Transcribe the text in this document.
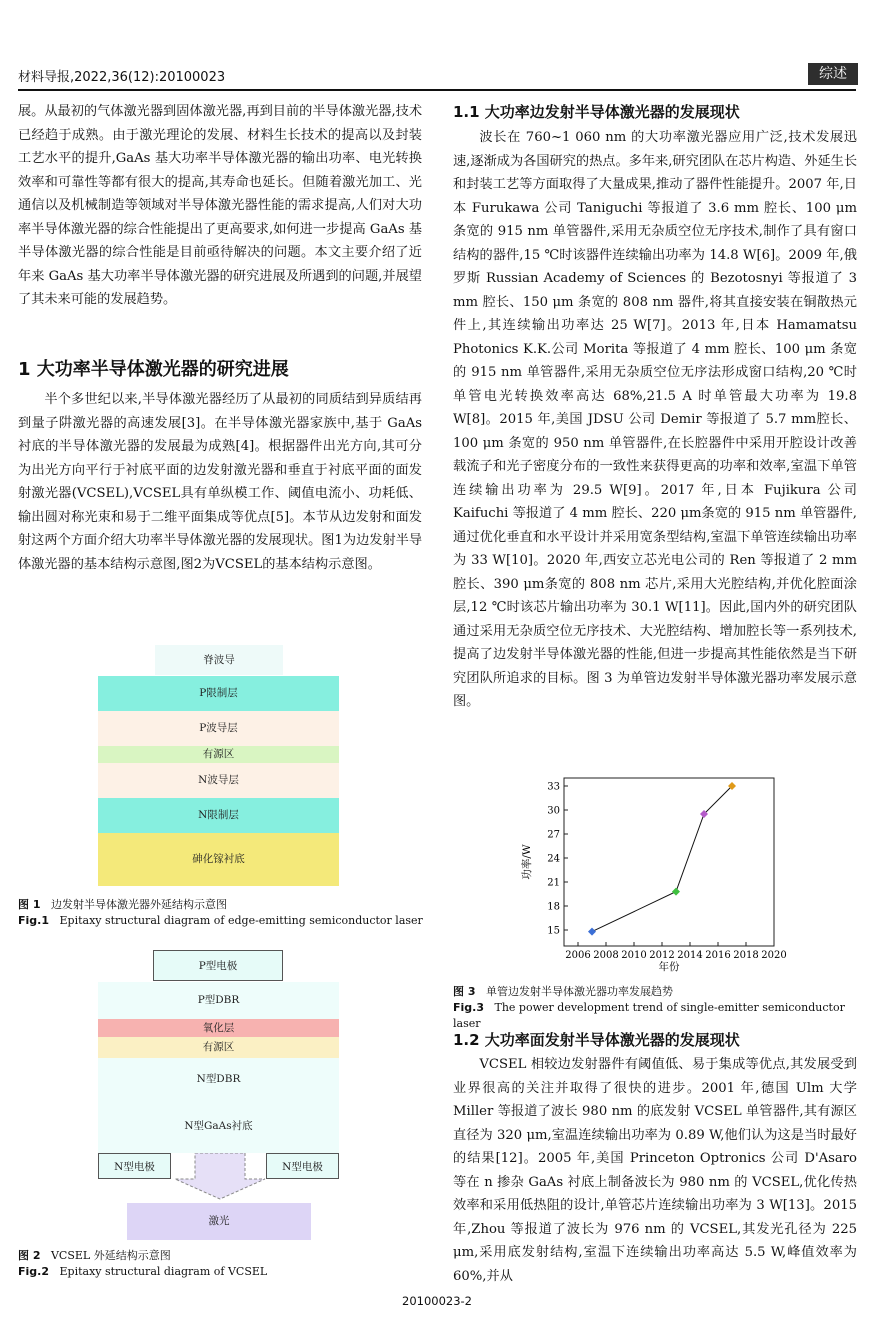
材料导报,2022,36(12):20100023	综述

展。从最初的气体激光器到固体激光器,再到目前的半导体激光器,技术已经趋于成熟。由于激光理论的发展、材料生长技术的提高以及封装工艺水平的提升,GaAs 基大功率半导体激光器的输出功率、电光转换效率和可靠性等都有很大的提高,其寿命也延长。但随着激光加工、光通信以及机械制造等领域对半导体激光器性能的需求提高,人们对大功率半导体激光器的综合性能提出了更高要求,如何进一步提高 GaAs 基半导体激光器的综合性能是目前亟待解决的问题。本文主要介绍了近年来 GaAs 基大功率半导体激光器的研究进展及所遇到的问题,并展望了其未来可能的发展趋势。

1 大功率半导体激光器的研究进展

半个多世纪以来,半导体激光器经历了从最初的同质结到异质结再到量子阱激光器的高速发展[3]。在半导体激光器家族中,基于 GaAs 衬底的半导体激光器的发展最为成熟[4]。根据器件出光方向,其可分为出光方向平行于衬底平面的边发射激光器和垂直于衬底平面的面发射激光器(VCSEL),VCSEL具有单纵模工作、阈值电流小、功耗低、输出圆对称光束和易于二维平面集成等优点[5]。本节从边发射和面发射这两个方面介绍大功率半导体激光器的发展现状。图1为边发射半导体激光器的基本结构示意图,图2为VCSEL的基本结构示意图。

脊波导
P限制层
P波导层
有源区
N波导层
N限制层
砷化镓衬底
图 1 边发射半导体激光器外延结构示意图
Fig.1 Epitaxy structural diagram of edge-emitting semiconductor laser
P型电极
P型DBR
氧化层
有源区
N型DBR
N型GaAs衬底
N型电极	N型电极
激光
图 2 VCSEL 外延结构示意图
Fig.2 Epitaxy structural diagram of VCSEL
1.1 大功率边发射半导体激光器的发展现状

波长在 760~1 060 nm 的大功率激光器应用广泛,技术发展迅速,逐渐成为各国研究的热点。多年来,研究团队在芯片构造、外延生长和封装工艺等方面取得了大量成果,推动了器件性能提升。2007 年,日本 Furukawa 公司 Taniguchi 等报道了 3.6 mm 腔长、100 μm 条宽的 915 nm 单管器件,采用无杂质空位无序技术,制作了具有窗口结构的器件,15 ℃时该器件连续输出功率为 14.8 W[6]。2009 年,俄罗斯 Russian Academy of Sciences 的 Bezotosnyi 等报道了 3 mm 腔长、150 μm 条宽的 808 nm 器件,将其直接安装在铜散热元件上,其连续输出功率达 25 W[7]。2013 年,日本 Hamamatsu Photonics K.K.公司 Morita 等报道了 4 mm 腔长、100 μm 条宽的 915 nm 单管器件,采用无杂质空位无序法形成窗口结构,20 ℃时单管电光转换效率高达 68%,21.5 A 时单管最大功率为 19.8 W[8]。2015 年,美国 JDSU 公司 Demir 等报道了 5.7 mm腔长、100 μm 条宽的 950 nm 单管器件,在长腔器件中采用开腔设计改善载流子和光子密度分布的一致性来获得更高的功率和效率,室温下单管连续输出功率为 29.5 W[9]。2017 年,日本 Fujikura 公司 Kaifuchi 等报道了 4 mm 腔长、220 μm条宽的 915 nm 单管器件,通过优化垂直和水平设计并采用宽条型结构,室温下单管连续输出功率为 33 W[10]。2020 年,西安立芯光电公司的 Ren 等报道了 2 mm 腔长、390 μm条宽的 808 nm 芯片,采用大光腔结构,并优化腔面涂层,12 ℃时该芯片输出功率为 30.1 W[11]。因此,国内外的研究团队通过采用无杂质空位无序技术、大光腔结构、增加腔长等一系列技术,提高了边发射半导体激光器的性能,但进一步提高其性能依然是当下研究团队所追求的目标。图 3 为单管边发射半导体激光器功率发展示意图。

15
18
21
24
27
30
33
2006 2008 2010 2012 2014 2016 2018 2020
年份
功率/W
图 3 单管边发射半导体激光器功率发展趋势
Fig.3 The power development trend of single-emitter semiconductor laser
1.2 大功率面发射半导体激光器的发展现状

VCSEL 相较边发射器件有阈值低、易于集成等优点,其发展受到业界很高的关注并取得了很快的进步。2001 年,德国 Ulm 大学 Miller 等报道了波长 980 nm 的底发射 VCSEL 单管器件,其有源区直径为 320 μm,室温连续输出功率为 0.89 W,他们认为这是当时最好的结果[12]。2005 年,美国 Princeton Optronics 公司 D'Asaro 等在 n 掺杂 GaAs 衬底上制备波长为 980 nm 的 VCSEL,优化传热效率和采用低热阻的设计,单管芯片连续输出功率为 3 W[13]。2015 年,Zhou 等报道了波长为 976 nm 的 VCSEL,其发光孔径为 225 μm,采用底发射结构,室温下连续输出功率高达 5.5 W,峰值效率为 60%,并从

20100023-2
